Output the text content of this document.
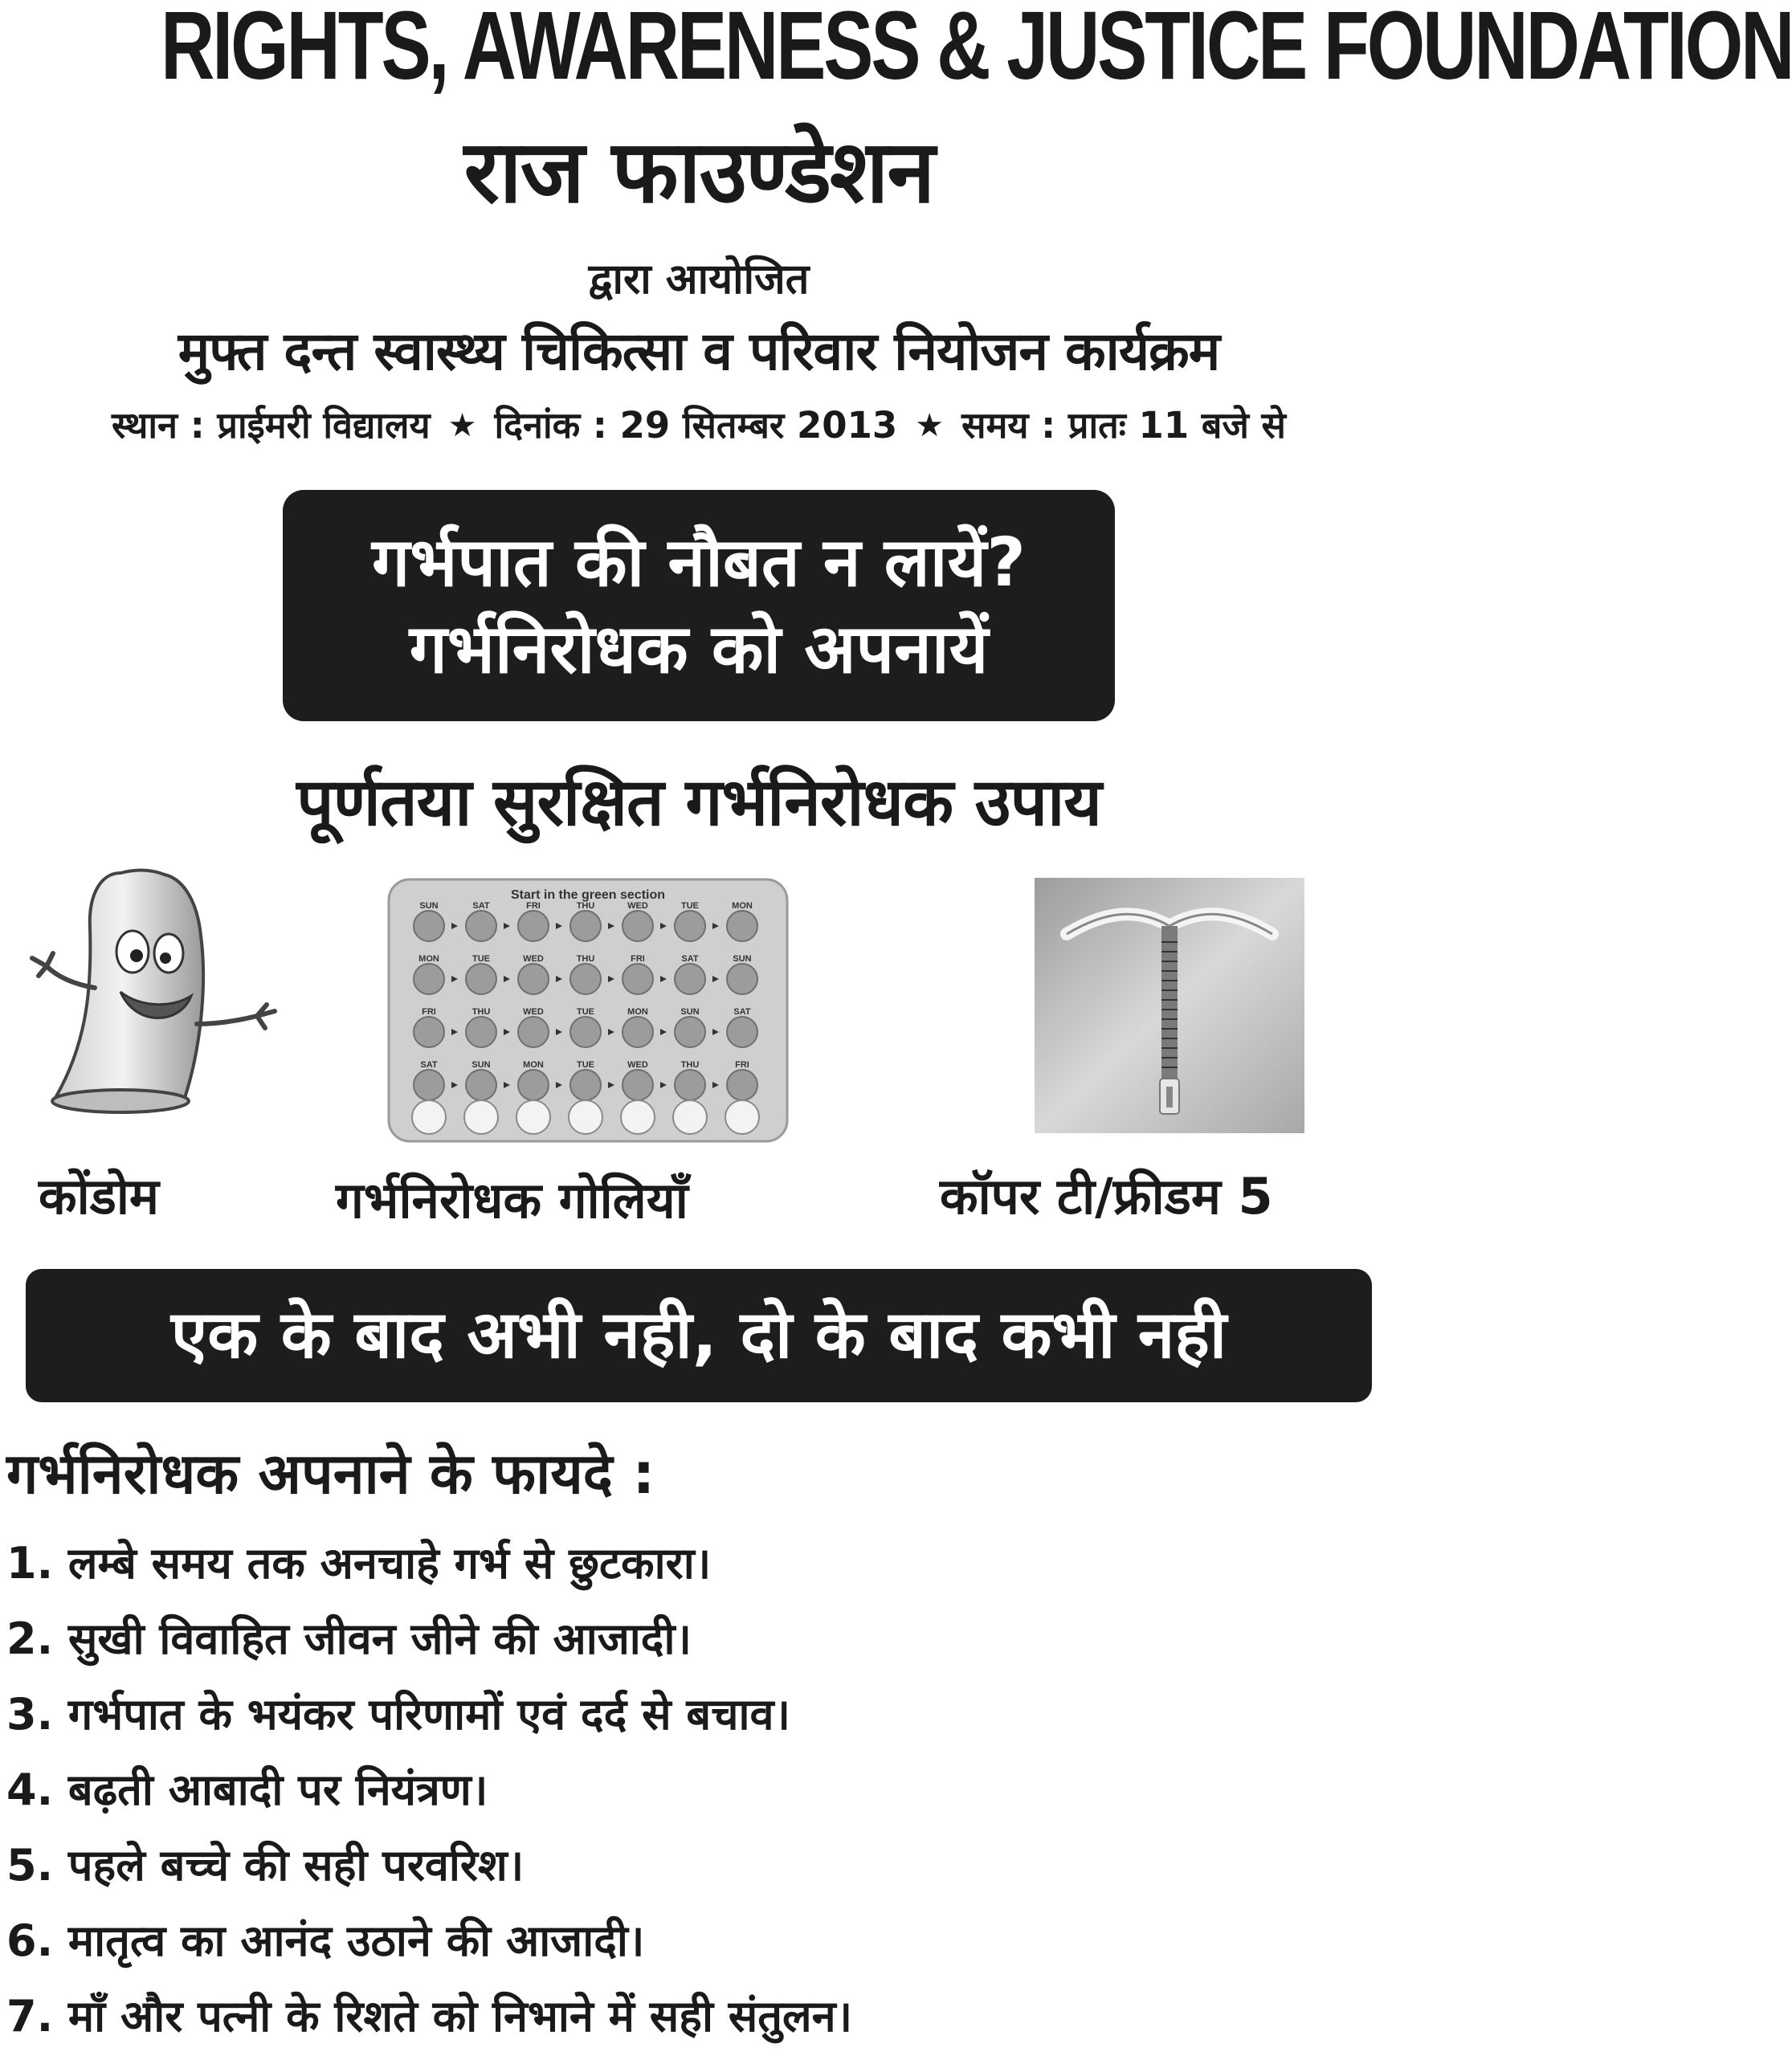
RIGHTS, AWARENESS & JUSTICE FOUNDATION
राज फाउण्डेशन
द्वारा आयोजित
मुफ्त दन्त स्वास्थ्य चिकित्सा व परिवार नियोजन कार्यक्रम
स्थान : प्राईमरी विद्यालय ★ दिनांक : 29 सितम्बर 2013 ★ समय : प्रातः 11 बजे से
गर्भपात की नौबत न लायें?
गर्भनिरोधक को अपनायें
पूर्णतया सुरक्षित गर्भनिरोधक उपाय
Start in the green section
SUN	SAT	FRI	THU	WED	TUE	MON
MON	TUE	WED	THU	FRI	SAT	SUN
FRI	THU	WED	TUE	MON	SUN	SAT
SAT	SUN	MON	TUE	WED	THU	FRI
कोंडोम	गर्भनिरोधक गोलियाँ	कॉपर टी/फ्रीडम 5
एक के बाद अभी नही, दो के बाद कभी नही
गर्भनिरोधक अपनाने के फायदे :
1. लम्बे समय तक अनचाहे गर्भ से छुटकारा।
2. सुखी विवाहित जीवन जीने की आजादी।
3. गर्भपात के भयंकर परिणामों एवं दर्द से बचाव।
4. बढ़ती आबादी पर नियंत्रण।
5. पहले बच्चे की सही परवरिश।
6. मातृत्व का आनंद उठाने की आजादी।
7. माँ और पत्नी के रिशते को निभाने में सही संतुलन।
